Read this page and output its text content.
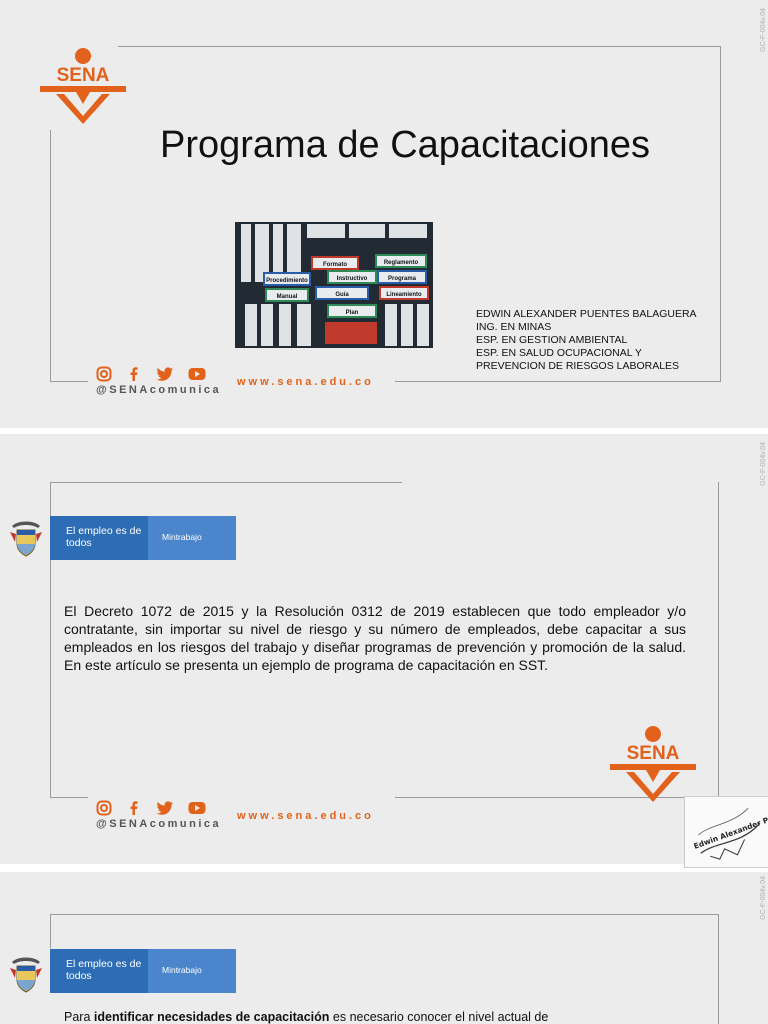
GC-F-004v.04
SENA
Programa de Capacitaciones
Formato	Reglamento
Procedimiento	Instructivo	Programa
Manual	Guía	Lineamiento
Plan	EDWIN ALEXANDER PUENTES BALAGUERA
ING. EN MINAS
ESP. EN GESTION AMBIENTAL
ESP. EN SALUD OCUPACIONAL Y
PREVENCION DE RIESGOS LABORALES
@SENAcomunica
www.sena.edu.co
GC-F-004v.04
El empleo es de todos	Mintrabajo
El Decreto 1072 de 2015 y la Resolución 0312 de 2019 establecen que todo empleador y/o contratante, sin importar su nivel de riesgo y su número de empleados, debe capacitar a sus empleados en los riesgos del trabajo y diseñar programas de prevención y promoción de la salud. En este artículo se presenta un ejemplo de programa de capacitación en SST.
SENA
@SENAcomunica
www.sena.edu.co
GC-F-004v.04
El empleo es de todos	Mintrabajo
Para identificar necesidades de capacitación es necesario conocer el nivel actual de
